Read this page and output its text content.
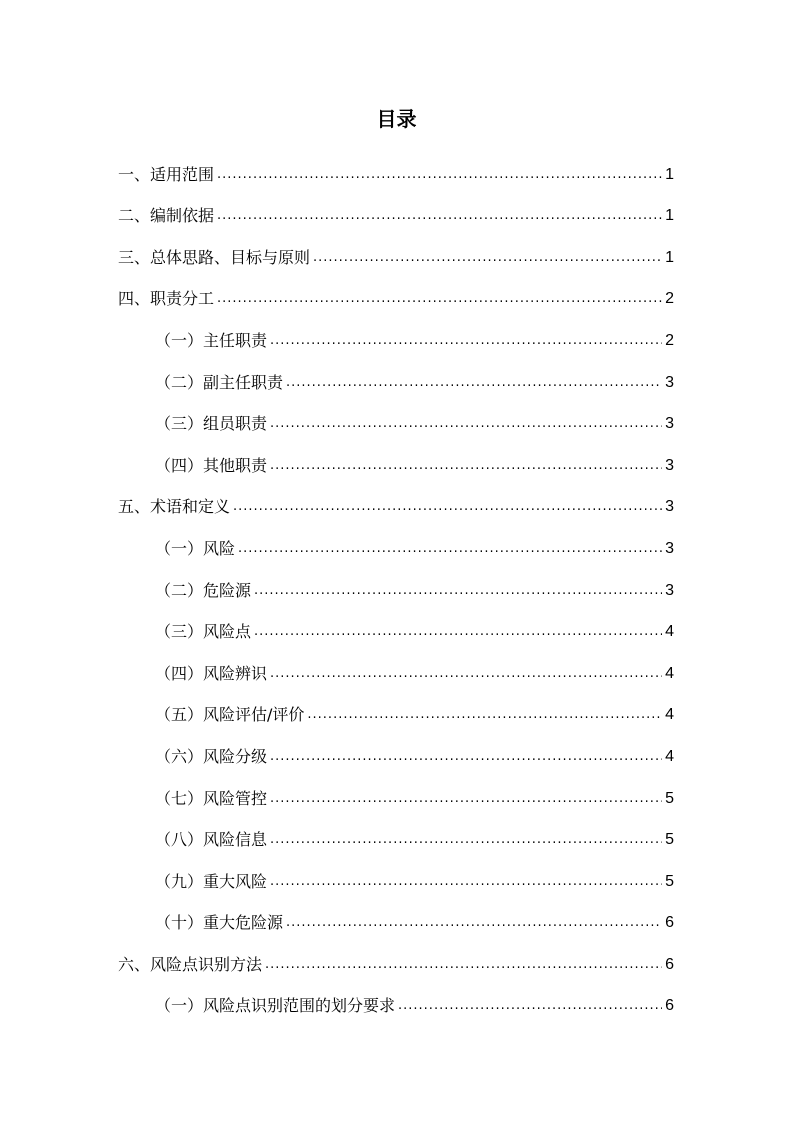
目录
一、适用范围 .....	1
二、编制依据 .....	1
三、总体思路、目标与原则 .....	1
四、职责分工 .....	2
（一）主任职责 .....	2
（二）副主任职责 .....	3
（三）组员职责 .....	3
（四）其他职责 .....	3
五、术语和定义 .....	3
（一）风险 .....	3
（二）危险源 .....	3
（三）风险点 .....	4
（四）风险辨识 .....	4
（五）风险评估/评价 .....	4
（六）风险分级 .....	4
（七）风险管控 .....	5
（八）风险信息 .....	5
（九）重大风险 .....	5
（十）重大危险源 .....	6
六、风险点识别方法 .....	6
（一）风险点识别范围的划分要求 .....	6
